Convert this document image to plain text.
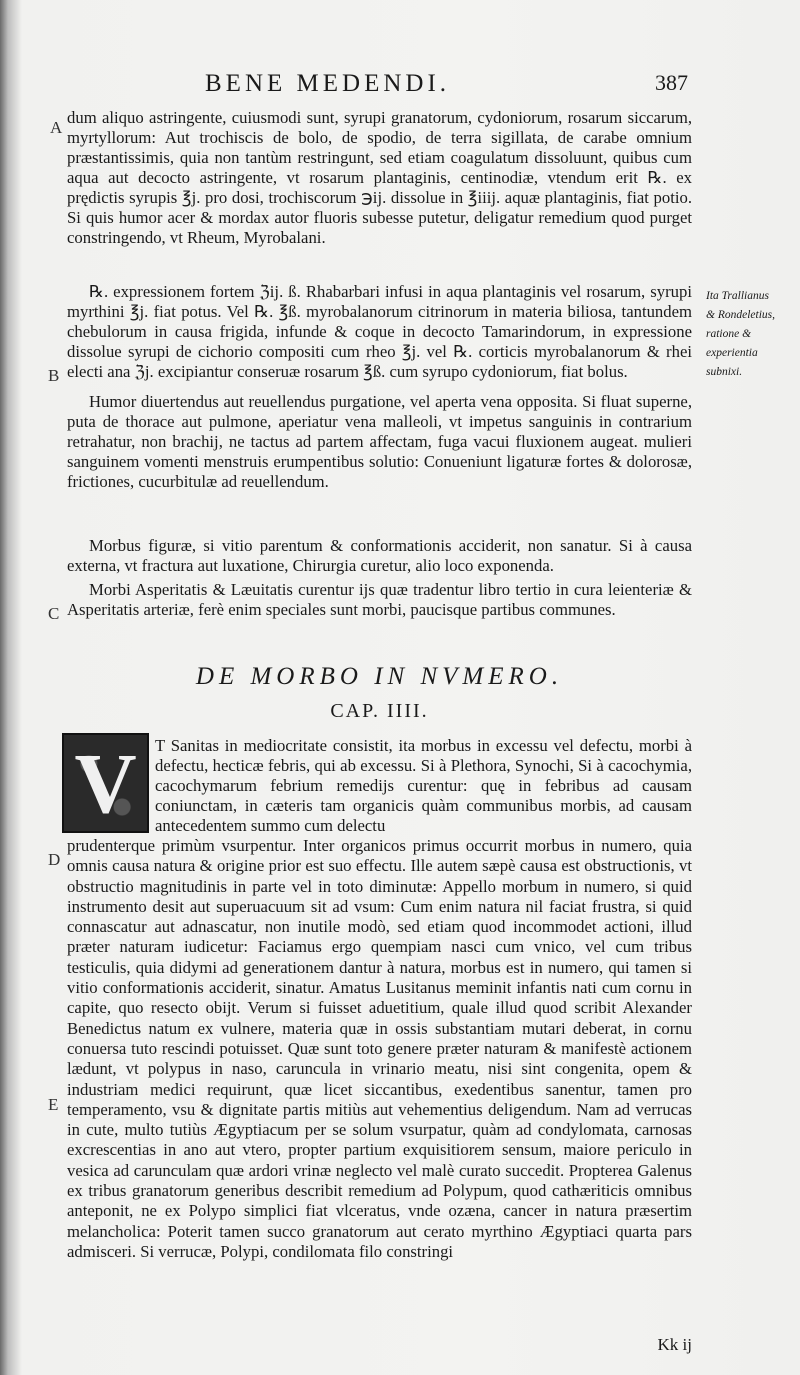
BENE MEDENDI.	387
A
B
C
D
E

dum aliquo astringente, cuiusmodi sunt, syrupi granatorum, cydoniorum, rosarum siccarum, myrtyllorum: Aut trochiscis de bolo, de spodio, de terra sigillata, de carabe omnium præstantissimis, quia non tantùm restringunt, sed etiam coagulatum dissoluunt, quibus cum aqua aut decocto astringente, vt rosarum plantaginis, centinodiæ, vtendum erit ℞. ex prędictis syrupis ℥j. pro dosi, trochiscorum ℈ij. dissolue in ℥iiij. aquæ plantaginis, fiat potio. Si quis humor acer & mordax autor fluoris subesse putetur, deligatur remedium quod purget constringendo, vt Rheum, Myrobalani.

℞. expressionem fortem ℨij. ß. Rhabarbari infusi in aqua plantaginis vel rosarum, syrupi myrthini ℥j. fiat potus. Vel ℞. ℥ß. myrobalanorum citrinorum in materia biliosa, tantundem chebulorum in causa frigida, infunde & coque in decocto Tamarindorum, in expressione dissolue syrupi de cichorio compositi cum rheo ℥j. vel ℞. corticis myrobalanorum & rhei electi ana ℨj. excipiantur conseruæ rosarum ℥ß. cum syrupo cydoniorum, fiat bolus.

Humor diuertendus aut reuellendus purgatione, vel aperta vena opposita. Si fluat superne, puta de thorace aut pulmone, aperiatur vena malleoli, vt impetus sanguinis in contrarium retrahatur, non brachij, ne tactus ad partem affectam, fuga vacui fluxionem augeat. mulieri sanguinem vomenti menstruis erumpentibus solutio: Conueniunt ligaturæ fortes & dolorosæ, frictiones, cucurbitulæ ad reuellendum.

Morbus figuræ, si vitio parentum & conformationis acciderit, non sanatur. Si à causa externa, vt fractura aut luxatione, Chirurgia curetur, alio loco exponenda.

Morbi Asperitatis & Læuitatis curentur ijs quæ tradentur libro tertio in cura leienteriæ & Asperitatis arteriæ, ferè enim speciales sunt morbi, paucisque partibus communes.

Ita Trallianus & Rondeletius, ratione & experientia subnixi.
DE MORBO IN NVMERO.
CAP. IIII.
V T Sanitas in mediocritate consistit, ita morbus in excessu vel defectu, morbi à defectu, hecticæ febris, qui ab excessu. Si à Plethora, Synochi, Si à cacochymia, cacochymarum febrium remedijs curentur: quę in febribus ad causam coniunctam, in cæteris tam organicis quàm communibus morbis, ad causam antecedentem summo cum delectu

prudenterque primùm vsurpentur. Inter organicos primus occurrit morbus in numero, quia omnis causa natura & origine prior est suo effectu. Ille autem sæpè causa est obstructionis, vt obstructio magnitudinis in parte vel in toto diminutæ: Appello morbum in numero, si quid instrumento desit aut superuacuum sit ad vsum: Cum enim natura nil faciat frustra, si quid connascatur aut adnascatur, non inutile modò, sed etiam quod incommodet actioni, illud præter naturam iudicetur: Faciamus ergo quempiam nasci cum vnico, vel cum tribus testiculis, quia didymi ad generationem dantur à natura, morbus est in numero, qui tamen si vitio conformationis acciderit, sinatur. Amatus Lusitanus meminit infantis nati cum cornu in capite, quo resecto obijt. Verum si fuisset aduetitium, quale illud quod scribit Alexander Benedictus natum ex vulnere, materia quæ in ossis substantiam mutari deberat, in cornu conuersa tuto rescindi potuisset. Quæ sunt toto genere præter naturam & manifestè actionem lædunt, vt polypus in naso, caruncula in vrinario meatu, nisi sint congenita, opem & industriam medici requirunt, quæ licet siccantibus, exedentibus sanentur, tamen pro temperamento, vsu & dignitate partis mitiùs aut vehementius deligendum. Nam ad verrucas in cute, multo tutiùs Ægyptiacum per se solum vsurpatur, quàm ad condylomata, carnosas excrescentias in ano aut vtero, propter partium exquisitiorem sensum, maiore periculo in vesica ad carunculam quæ ardori vrinæ neglecto vel malè curato succedit. Propterea Galenus ex tribus granatorum generibus describit remedium ad Polypum, quod cathæriticis omnibus anteponit, ne ex Polypo simplici fiat vlceratus, vnde ozæna, cancer in natura præsertim melancholica: Poterit tamen succo granatorum aut cerato myrthino Ægyptiaci quarta pars admisceri. Si verrucæ, Polypi, condilomata filo constringi

Kk ij
